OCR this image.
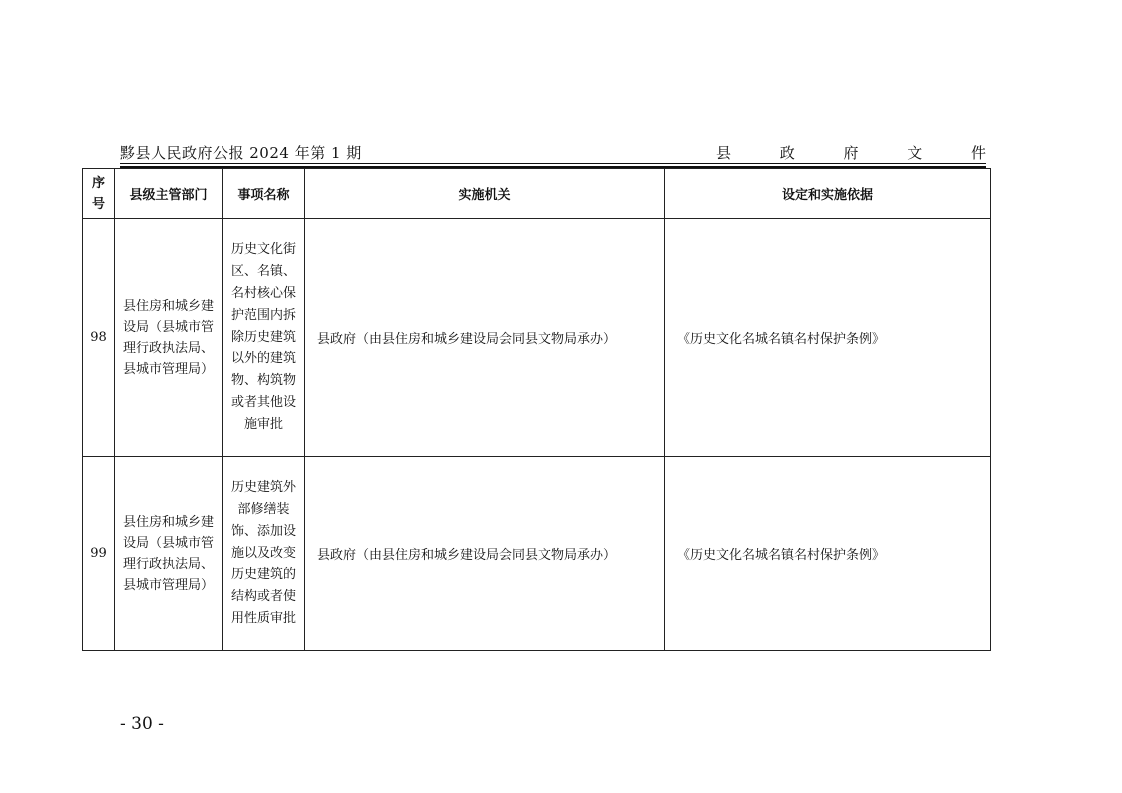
黟县人民政府公报 2024 年第 1 期	县	政	府	文	件
序号	县级主管部门	事项名称	实施机关	设定和实施依据
98	县住房和城乡建设局（县城市管理行政执法局、县城市管理局）	历史文化街区、名镇、名村核心保护范围内拆除历史建筑以外的建筑物、构筑物或者其他设施审批	县政府（由县住房和城乡建设局会同县文物局承办）	《历史文化名城名镇名村保护条例》
99	县住房和城乡建设局（县城市管理行政执法局、县城市管理局）	历史建筑外部修缮装饰、添加设施以及改变历史建筑的结构或者使用性质审批	县政府（由县住房和城乡建设局会同县文物局承办）	《历史文化名城名镇名村保护条例》
- 30 -
